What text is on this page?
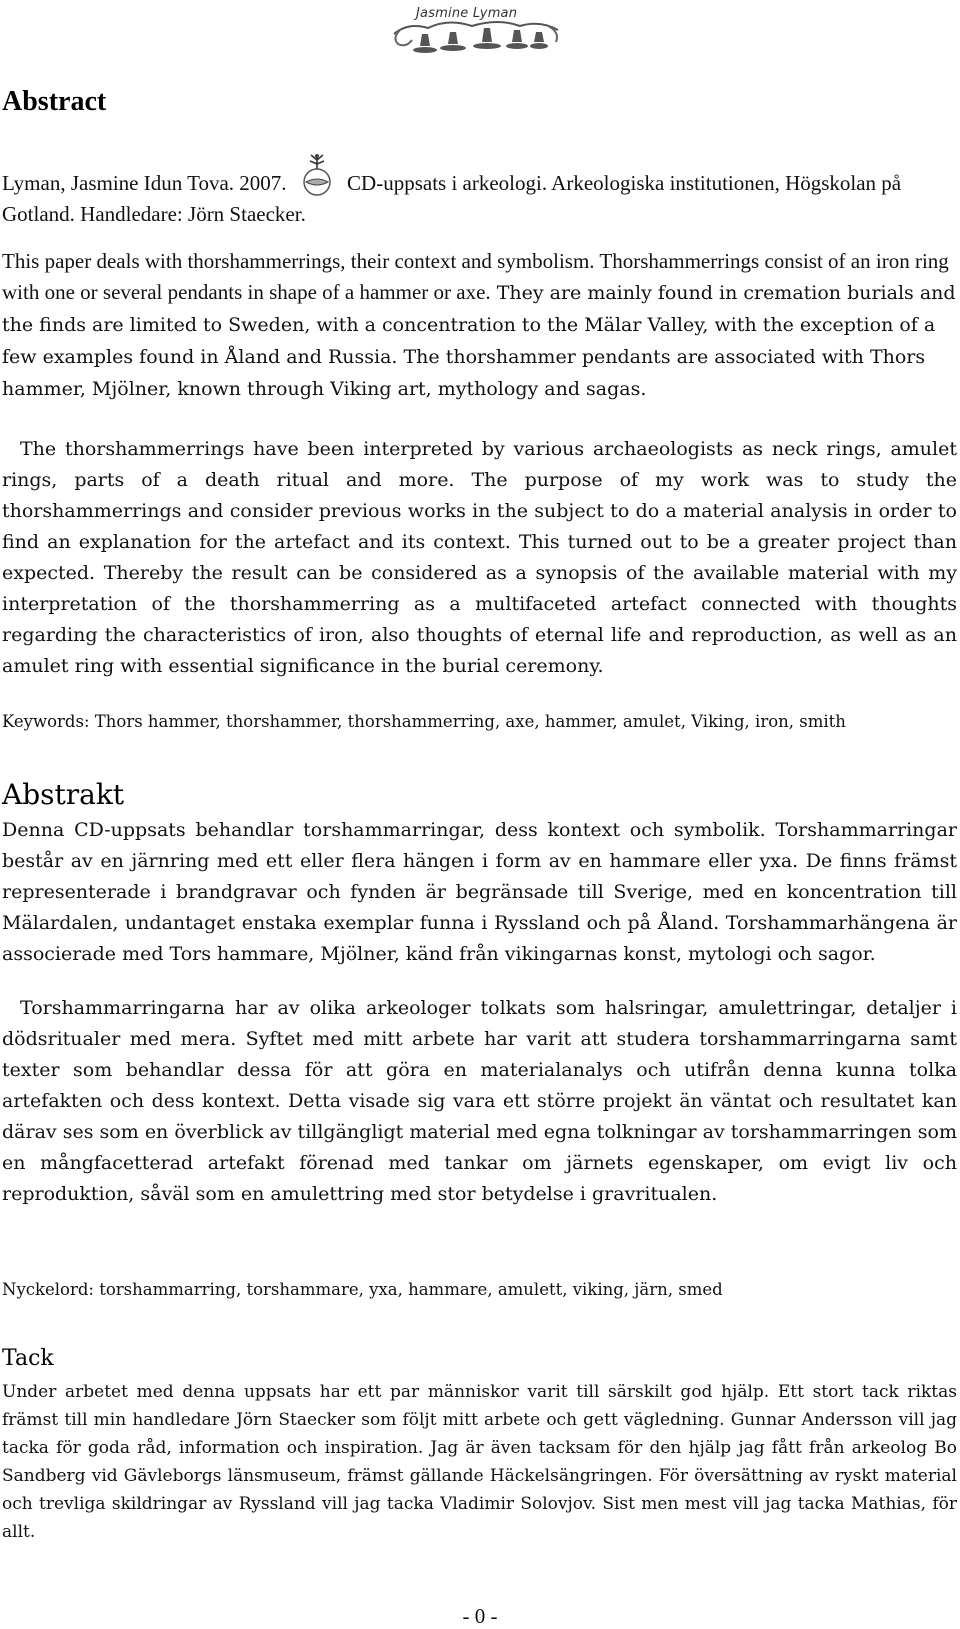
Jasmine Lyman
Abstract

Lyman, Jasmine Idun Tova. 2007.	CD-uppsats i arkeologi. Arkeologiska institutionen, Högskolan på Gotland. Handledare: Jörn Staecker.

This paper deals with thorshammerrings, their context and symbolism. Thorshammerrings consist of an iron ring with one or several pendants in shape of a hammer or axe. They are mainly found in cremation burials and the finds are limited to Sweden, with a concentration to the Mälar Valley, with the exception of a few examples found in Åland and Russia. The thorshammer pendants are associated with Thors hammer, Mjölner, known through Viking art, mythology and sagas.

The thorshammerrings have been interpreted by various archaeologists as neck rings, amulet rings, parts of a death ritual and more. The purpose of my work was to study the thorshammerrings and consider previous works in the subject to do a material analysis in order to find an explanation for the artefact and its context. This turned out to be a greater project than expected. Thereby the result can be considered as a synopsis of the available material with my interpretation of the thorshammerring as a multifaceted artefact connected with thoughts regarding the characteristics of iron, also thoughts of eternal life and reproduction, as well as an amulet ring with essential significance in the burial ceremony.

Keywords: Thors hammer, thorshammer, thorshammerring, axe, hammer, amulet, Viking, iron, smith

Abstrakt

Denna CD-uppsats behandlar torshammarringar, dess kontext och symbolik. Torshammarringar består av en järnring med ett eller flera hängen i form av en hammare eller yxa. De finns främst representerade i brandgravar och fynden är begränsade till Sverige, med en koncentration till Mälardalen, undantaget enstaka exemplar funna i Ryssland och på Åland. Torshammarhängena är associerade med Tors hammare, Mjölner, känd från vikingarnas konst, mytologi och sagor.

Torshammarringarna har av olika arkeologer tolkats som halsringar, amulettringar, detaljer i dödsritualer med mera. Syftet med mitt arbete har varit att studera torshammarringarna samt texter som behandlar dessa för att göra en materialanalys och utifrån denna kunna tolka artefakten och dess kontext. Detta visade sig vara ett större projekt än väntat och resultatet kan därav ses som en överblick av tillgängligt material med egna tolkningar av torshammarringen som en mångfacetterad artefakt förenad med tankar om järnets egenskaper, om evigt liv och reproduktion, såväl som en amulettring med stor betydelse i gravritualen.

Nyckelord: torshammarring, torshammare, yxa, hammare, amulett, viking, järn, smed

Tack

Under arbetet med denna uppsats har ett par människor varit till särskilt god hjälp. Ett stort tack riktas främst till min handledare Jörn Staecker som följt mitt arbete och gett vägledning. Gunnar Andersson vill jag tacka för goda råd, information och inspiration. Jag är även tacksam för den hjälp jag fått från arkeolog Bo Sandberg vid Gävleborgs länsmuseum, främst gällande Häckelsängringen. För översättning av ryskt material och trevliga skildringar av Ryssland vill jag tacka Vladimir Solovjov. Sist men mest vill jag tacka Mathias, för allt.

- 0 -
